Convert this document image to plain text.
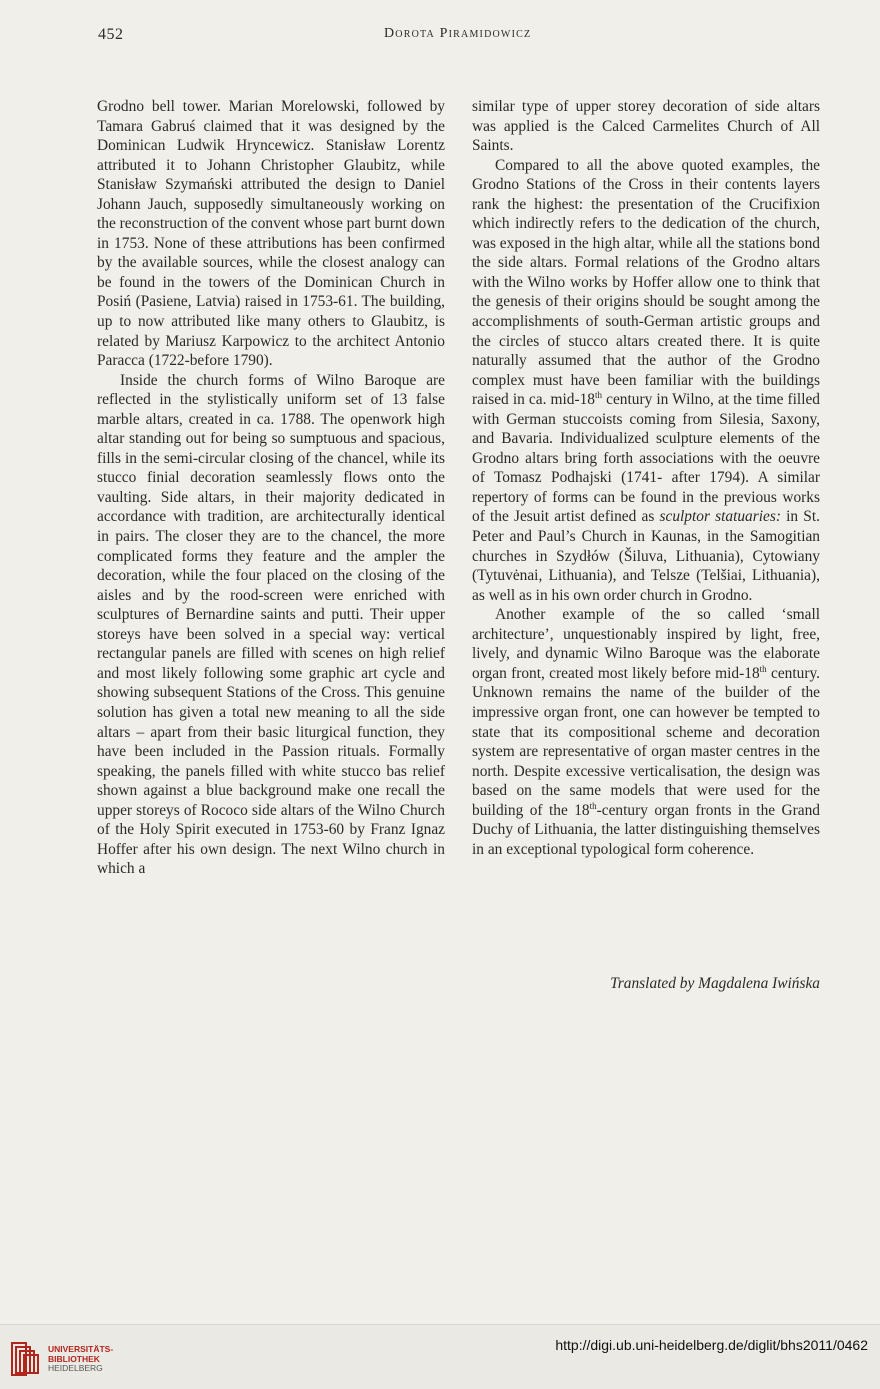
452	Dorota Piramidowicz

Grodno bell tower. Marian Morelowski, followed by Tamara Gabruś claimed that it was designed by the Dominican Ludwik Hryncewicz. Stanisław Lorentz attributed it to Johann Christopher Glaubitz, while Stanisław Szymański attributed the design to Daniel Johann Jauch, supposedly simultaneously working on the reconstruction of the convent whose part burnt down in 1753. None of these attributions has been confirmed by the available sources, while the closest analogy can be found in the towers of the Dominican Church in Posiń (Pasiene, Latvia) raised in 1753-61. The building, up to now attributed like many others to Glaubitz, is related by Mariusz Karpowicz to the architect Antonio Paracca (1722-before 1790).

Inside the church forms of Wilno Baroque are reflected in the stylistically uniform set of 13 false marble altars, created in ca. 1788. The openwork high altar standing out for being so sumptuous and spacious, fills in the semi-circular closing of the chancel, while its stucco finial decoration seamlessly flows onto the vaulting. Side altars, in their majority dedicated in accordance with tradition, are architecturally identical in pairs. The closer they are to the chancel, the more complicated forms they feature and the ampler the decoration, while the four placed on the closing of the aisles and by the rood-screen were enriched with sculptures of Bernardine saints and putti. Their upper storeys have been solved in a special way: vertical rectangular panels are filled with scenes on high relief and most likely following some graphic art cycle and showing subsequent Stations of the Cross. This genuine solution has given a total new meaning to all the side altars – apart from their basic liturgical function, they have been included in the Passion rituals. Formally speaking, the panels filled with white stucco bas relief shown against a blue background make one recall the upper storeys of Rococo side altars of the Wilno Church of the Holy Spirit executed in 1753-60 by Franz Ignaz Hoffer after his own design. The next Wilno church in which a

similar type of upper storey decoration of side altars was applied is the Calced Carmelites Church of All Saints.

Compared to all the above quoted examples, the Grodno Stations of the Cross in their contents layers rank the highest: the presentation of the Crucifixion which indirectly refers to the dedication of the church, was exposed in the high altar, while all the stations bond the side altars. Formal relations of the Grodno altars with the Wilno works by Hoffer allow one to think that the genesis of their origins should be sought among the accomplishments of south-German artistic groups and the circles of stucco altars created there. It is quite naturally assumed that the author of the Grodno complex must have been familiar with the buildings raised in ca. mid-18th century in Wilno, at the time filled with German stuccoists coming from Silesia, Saxony, and Bavaria. Individualized sculpture elements of the Grodno altars bring forth associations with the oeuvre of Tomasz Podhajski (1741- after 1794). A similar repertory of forms can be found in the previous works of the Jesuit artist defined as sculptor statuaries: in St. Peter and Paul’s Church in Kaunas, in the Samogitian churches in Szydłów (Šiluva, Lithuania), Cytowiany (Tytuvėnai, Lithuania), and Telsze (Telšiai, Lithuania), as well as in his own order church in Grodno.

Another example of the so called ‘small architecture’, unquestionably inspired by light, free, lively, and dynamic Wilno Baroque was the elaborate organ front, created most likely before mid-18th century. Unknown remains the name of the builder of the impressive organ front, one can however be tempted to state that its compositional scheme and decoration system are representative of organ master centres in the north. Despite excessive verticalisation, the design was based on the same models that were used for the building of the 18th-century organ fronts in the Grand Duchy of Lithuania, the latter distinguishing themselves in an exceptional typological form coherence.

Translated by Magdalena Iwińska
UNIVERSITÄTS-
BIBLIOTHEK
HEIDELBERG
http://digi.ub.uni-heidelberg.de/diglit/bhs2011/0462
